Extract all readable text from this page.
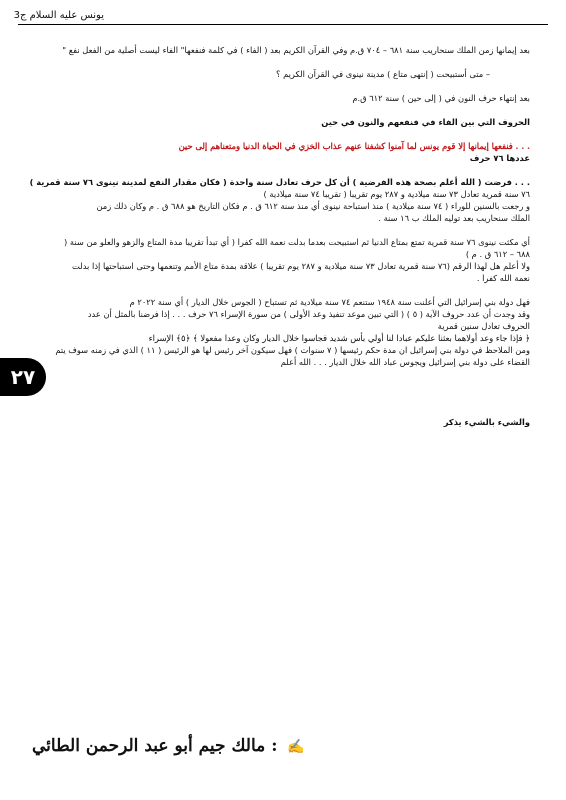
يونس عليه السلام ج3
٢٧

بعد إيمانها زمن الملك سنحاريب سنة ٦٨١ – ٧٠٤ ق.م وفي القرآن الكريم بعد ( الفاء ) في كلمة فنفعها" الفاء ليست أصلية من الفعل نفع "

– متى أستبيحت ( إنتهى متاع ) مدينة نينوى في القرآن الكريم ؟

بعد إنتهاء حرف النون في ( إلى حين ) سنة ٦١٢ ق.م

الحروف التي بين الفاء في فنفعهم والنون في حين

. . . فنفعها إيمانها إلا قوم يونس لما آمنوا كشفنا عنهم عذاب الخزي في الحياة الدنيا ومتعناهم إلى حين

عددها ٧٦ حرف

. . . فرضت ( الله أعلم بصحة هذه الفرضية ) أن كل حرف تعادل سنة واحدة ( فكان مقدار النفع لمدينة نينوى ٧٦ سنة قمرية )

٧٦ سنة قمرية تعادل ٧٣ سنة ميلادية و ٢٨٧ يوم تقريبا ( تقريبا ٧٤ سنة ميلادية )

و رجعت بالسنين للوراء ( ٧٤ سنة ميلادية ) منذ استباحة نينوى أي منذ سنة ٦١٢ ق . م فكان التاريخ هو ٦٨٨ ق . م وكان ذلك زمن

الملك سنحاريب بعد توليه الملك ب ١٦ سنة .

أي مكثت نينوى ٧٦ سنة قمرية تمتع بمتاع الدنيا ثم استبيحت بعدما بدلت نعمة الله كفرا ( أي تبدأ تقريبا مدة المتاع والزهو والعلو من سنة (

٦٨٨ – ٦١٢ ق . م )

ولا أعلم هل لهذا الرقم (٧٦ سنة قمرية تعادل ٧٣ سنة ميلادية و ٢٨٧ يوم تقريبا ) علاقة بمدة متاع الأمم وتنعمها وحتى استباحتها إذا بدلت

نعمة الله كفرا .

فهل دولة بني إسرائيل التي أعلنت سنة ١٩٤٨ ستنعم ٧٤ سنة ميلادية ثم تستباح ( الجوس خلال الديار ) أي سنة ٢٠٢٢ م

وقد وجدت أن عدد حروف الآية ( ٥ ) ( التي تبين موعد تنفيذ وعد الأولى ) من سورة الإسراء ٧٦ حرف . . . إذا فرضنا بالمثل أن عدد

الحروف تعادل سنين قمرية

﴿ فإذا جاء وعد أولاهما بعثنا عليكم عبادا لنا أولي بأس شديد فجاسوا خلال الديار وكان وعدا مفعولا ﴾ ﴿٥﴾ الإسراء

ومن الملاحظ في دولة بني إسرائيل ان مدة حكم رئيسها ( ٧ سنوات ) فهل سيكون آخر رئيس لها هو الرئيس ( ١١ ) الذي في زمنه سوف يتم

القضاء على دولة بني إسرائيل ويجوس عباد الله خلال الديار . . . الله أعلم

والشيء بالشيء يذكر

✍ : مالك جيم أبو عبد الرحمن الطائي
